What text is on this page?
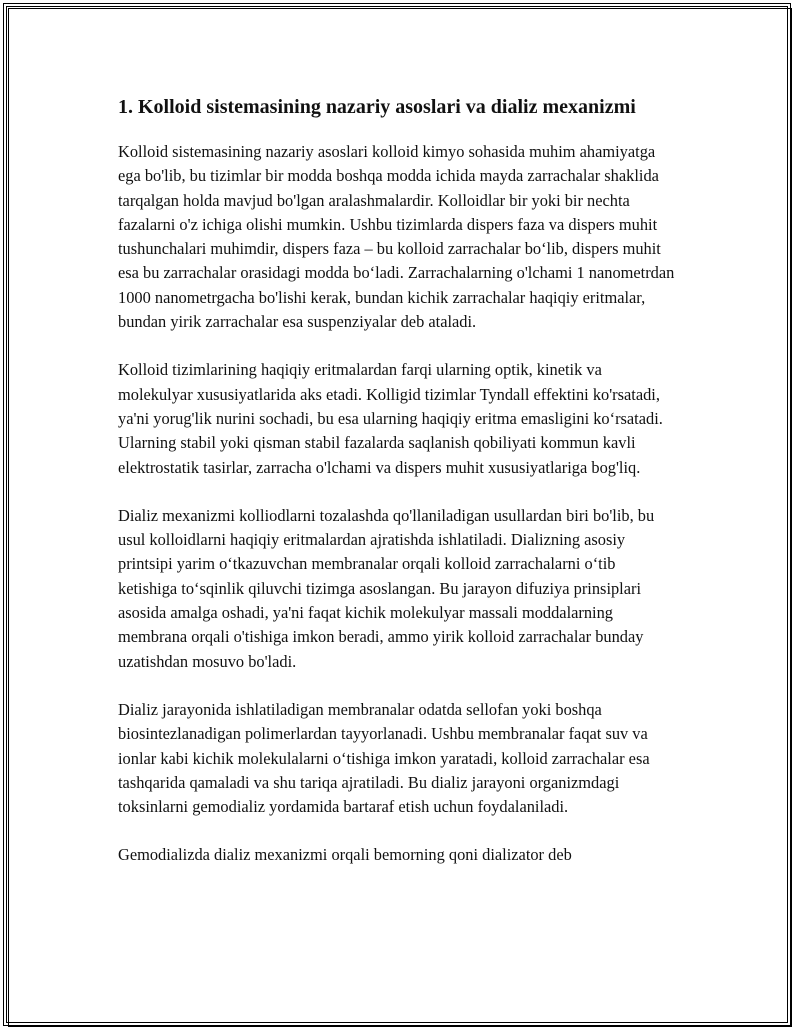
1. Kolloid sistemasining nazariy asoslari va dializ mexanizmi

Kolloid sistemasining nazariy asoslari kolloid kimyo sohasida muhim ahamiyatga ega bo'lib, bu tizimlar bir modda boshqa modda ichida mayda zarrachalar shaklida tarqalgan holda mavjud bo'lgan aralashmalardir. Kolloidlar bir yoki bir nechta fazalarni o'z ichiga olishi mumkin. Ushbu tizimlarda dispers faza va dispers muhit tushunchalari muhimdir, dispers faza – bu kolloid zarrachalar bo‘lib, dispers muhit esa bu zarrachalar orasidagi modda bo‘ladi. Zarrachalarning o'lchami 1 nanometrdan 1000 nanometrgacha bo'lishi kerak, bundan kichik zarrachalar haqiqiy eritmalar, bundan yirik zarrachalar esa suspenziyalar deb ataladi.

Kolloid tizimlarining haqiqiy eritmalardan farqi ularning optik, kinetik va molekulyar xususiyatlarida aks etadi. Kolligid tizimlar Tyndall effektini ko'rsatadi, ya'ni yorug'lik nurini sochadi, bu esa ularning haqiqiy eritma emasligini ko‘rsatadi. Ularning stabil yoki qisman stabil fazalarda saqlanish qobiliyati kommun kavli elektrostatik tasirlar, zarracha o'lchami va dispers muhit xususiyatlariga bog'liq.

Dializ mexanizmi kolliodlarni tozalashda qo'llaniladigan usullardan biri bo'lib, bu usul kolloidlarni haqiqiy eritmalardan ajratishda ishlatiladi. Dializning asosiy printsipi yarim o‘tkazuvchan membranalar orqali kolloid zarrachalarni o‘tib ketishiga to‘sqinlik qiluvchi tizimga asoslangan. Bu jarayon difuziya prinsiplari asosida amalga oshadi, ya'ni faqat kichik molekulyar massali moddalarning membrana orqali o'tishiga imkon beradi, ammo yirik kolloid zarrachalar bunday uzatishdan mosuvo bo'ladi.

Dializ jarayonida ishlatiladigan membranalar odatda sellofan yoki boshqa biosintezlanadigan polimerlardan tayyorlanadi. Ushbu membranalar faqat suv va ionlar kabi kichik molekulalarni o‘tishiga imkon yaratadi, kolloid zarrachalar esa tashqarida qamaladi va shu tariqa ajratiladi. Bu dializ jarayoni organizmdagi toksinlarni gemodializ yordamida bartaraf etish uchun foydalaniladi.

Gemodializda dializ mexanizmi orqali bemorning qoni dializator deb
